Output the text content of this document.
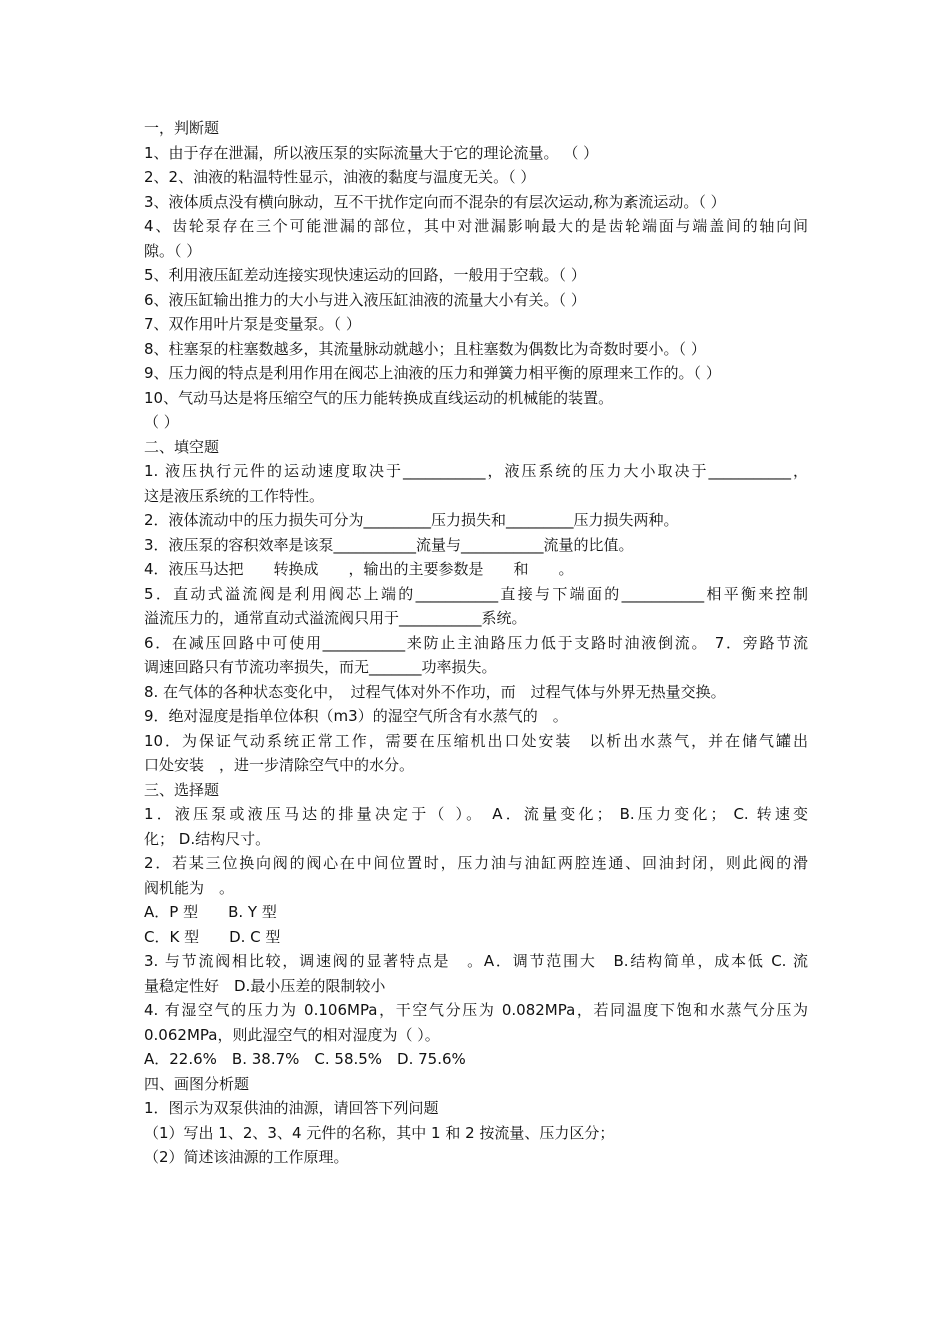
一，判断题
1、由于存在泄漏，所以液压泵的实际流量大于它的理论流量。 （ ）
2、2、油液的粘温特性显示，油液的黏度与温度无关。（ ）
3、液体质点没有横向脉动，互不干扰作定向而不混杂的有层次运动,称为紊流运动。（ ）
4、齿轮泵存在三个可能泄漏的部位，其中对泄漏影响最大的是齿轮端面与端盖间的轴向间
隙。（ ）
5、利用液压缸差动连接实现快速运动的回路，一般用于空载。（ ）
6、液压缸输出推力的大小与进入液压缸油液的流量大小有关。（ ）
7、双作用叶片泵是变量泵。（ ）
8、柱塞泵的柱塞数越多，其流量脉动就越小；且柱塞数为偶数比为奇数时要小。（ ）
9、压力阀的特点是利用作用在阀芯上油液的压力和弹簧力相平衡的原理来工作的。（ ）
10、气动马达是将压缩空气的压力能转换成直线运动的机械能的装置。
（ ）
二、填空题
1. 液压执行元件的运动速度取决于___________，液压系统的压力大小取决于___________，
这是液压系统的工作特性。
2．液体流动中的压力损失可分为_________压力损失和_________压力损失两种。
3．液压泵的容积效率是该泵___________流量与___________流量的比值。
4．液压马达把　　转换成　　，输出的主要参数是　　和　　。
5．直动式溢流阀是利用阀芯上端的___________直接与下端面的___________相平衡来控制
溢流压力的，通常直动式溢流阀只用于___________系统。
6．在减压回路中可使用___________来防止主油路压力低于支路时油液倒流。 7．旁路节流
调速回路只有节流功率损失，而无_______功率损失。
8. 在气体的各种状态变化中，　过程气体对外不作功，而　过程气体与外界无热量交换。
9．绝对湿度是指单位体积（m3）的湿空气所含有水蒸气的　。
10．为保证气动系统正常工作，需要在压缩机出口处安装　以析出水蒸气，并在储气罐出
口处安装　，进一步清除空气中的水分。
三、选择题
1．液压泵或液压马达的排量决定于（ ）。 A．流量变化； B.压力变化； C. 转速变
化； D.结构尺寸。
2．若某三位换向阀的阀心在中间位置时，压力油与油缸两腔连通、回油封闭，则此阀的滑
阀机能为　。
A．P 型　　B. Y 型
C．K 型　　D. C 型
3. 与节流阀相比较，调速阀的显著特点是　。A．调节范围大　B.结构简单，成本低 C. 流
量稳定性好　D.最小压差的限制较小
4. 有湿空气的压力为 0.106MPa，干空气分压为 0.082MPa，若同温度下饱和水蒸气分压为
0.062MPa，则此湿空气的相对湿度为（ ）。
A．22.6%　B. 38.7%　C. 58.5%　D. 75.6%
四、画图分析题
1．图示为双泵供油的油源，请回答下列问题
（1）写出 1、2、3、4 元件的名称，其中 1 和 2 按流量、压力区分；
（2）简述该油源的工作原理。
